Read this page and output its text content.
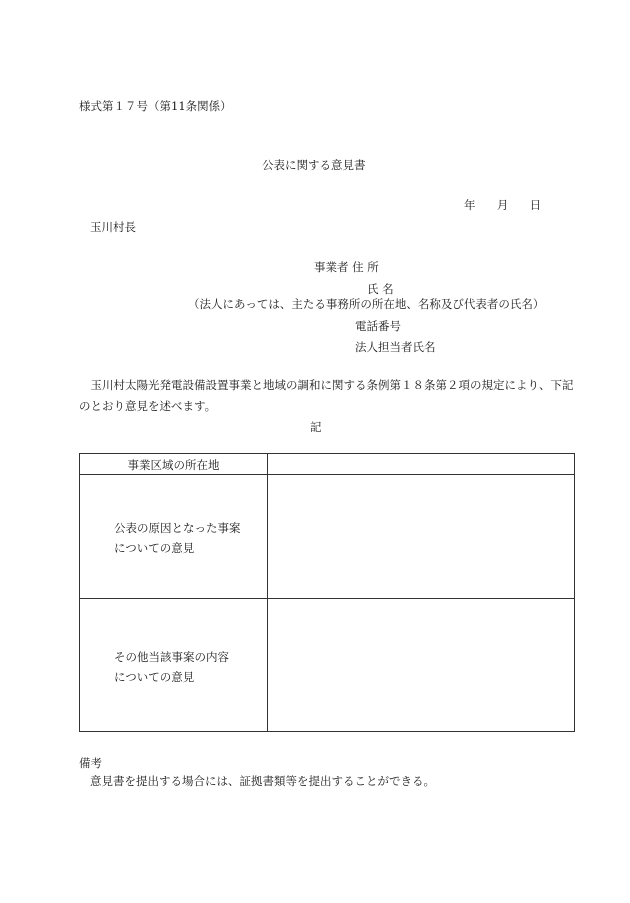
様式第１７号（第11条関係）
公表に関する意見書
年 月 日
玉川村長
事業者 住 所
氏 名
（法人にあっては、主たる事務所の所在地、名称及び代表者の氏名）
電話番号
法人担当者氏名
　玉川村太陽光発電設備設置事業と地域の調和に関する条例第１８条第２項の規定により、下記のとおり意見を述べます。
記
事業区域の所在地
公表の原因となった事案
についての意見
その他当該事案の内容
についての意見
備考
意見書を提出する場合には、証拠書類等を提出することができる。
